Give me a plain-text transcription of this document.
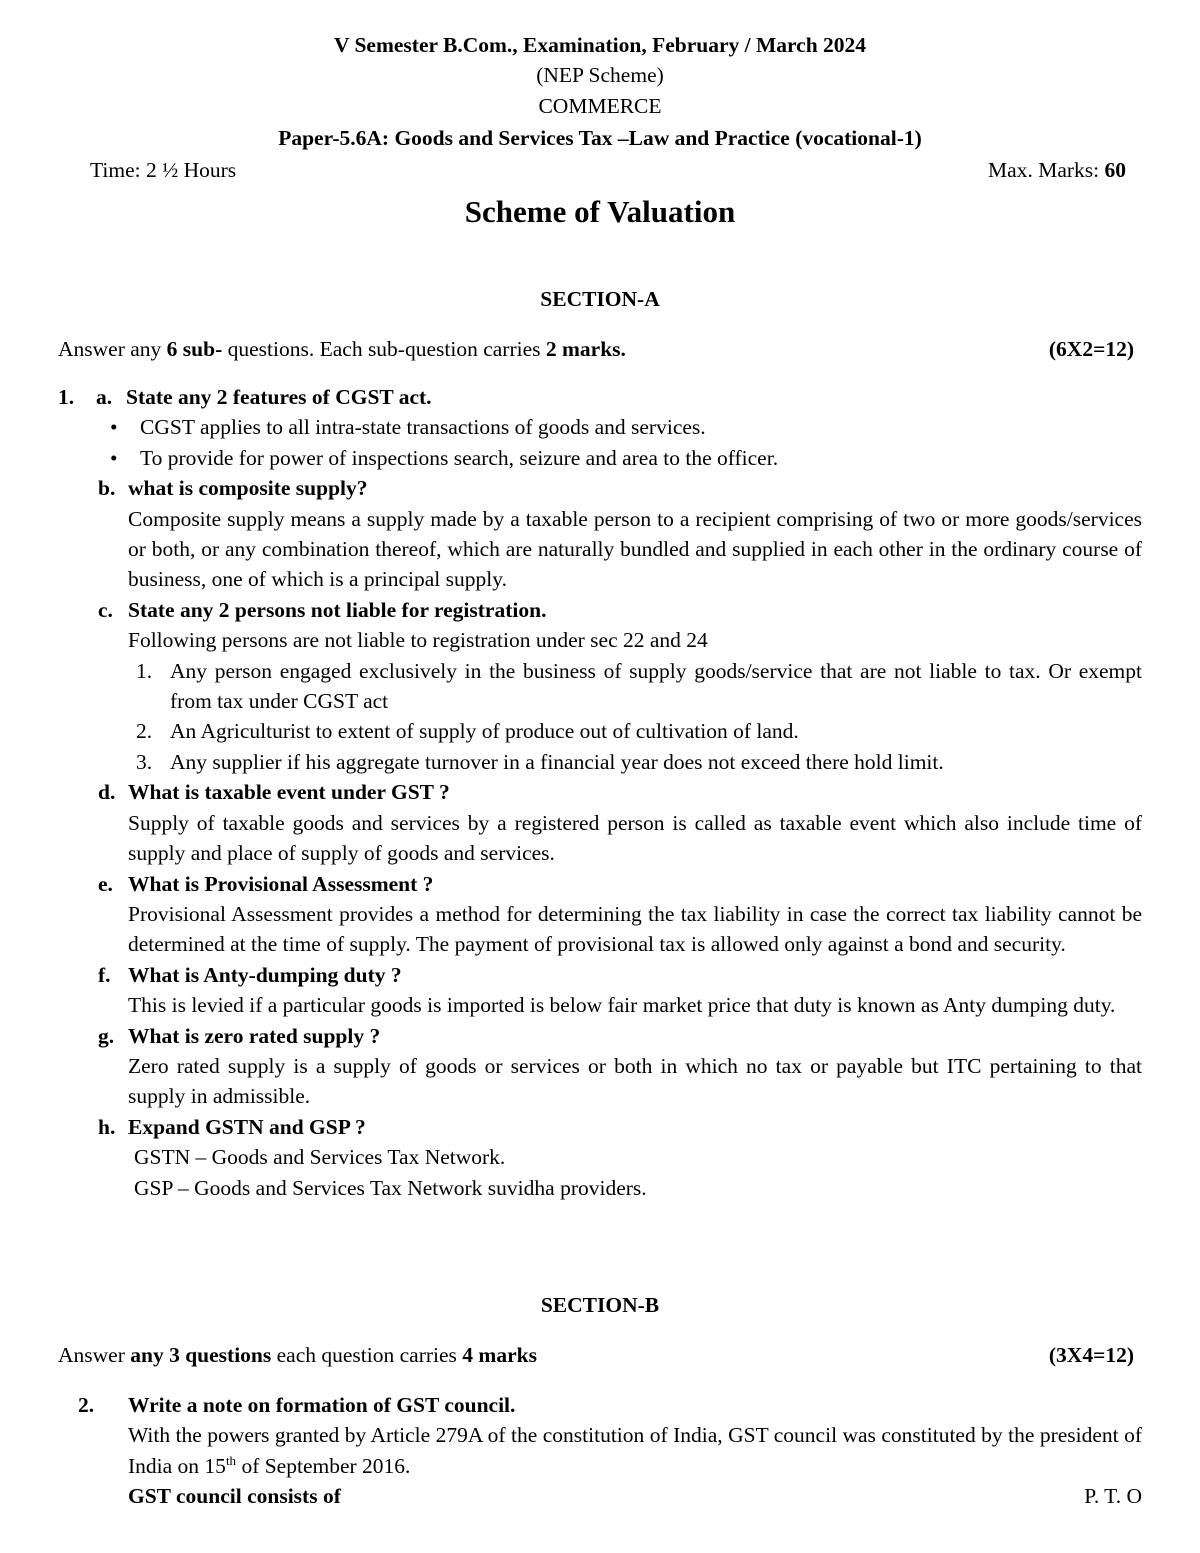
V Semester B.Com., Examination, February / March 2024
(NEP Scheme)
COMMERCE
Paper-5.6A: Goods and Services Tax –Law and Practice (vocational-1)
Time: 2 ½ Hours	Max. Marks: 60
Scheme of Valuation
SECTION-A
Answer any 6 sub- questions. Each sub-question carries 2 marks.	(6X2=12)
1.	a. State any 2 features of CGST act.
• CGST applies to all intra-state transactions of goods and services.
• To provide for power of inspections search, seizure and area to the officer.
b. what is composite supply?
Composite supply means a supply made by a taxable person to a recipient comprising of two or more goods/services or both, or any combination thereof, which are naturally bundled and supplied in each other in the ordinary course of business, one of which is a principal supply.
c. State any 2 persons not liable for registration.
Following persons are not liable to registration under sec 22 and 24
1. Any person engaged exclusively in the business of supply goods/service that are not liable to tax. Or exempt from tax under CGST act
2. An Agriculturist to extent of supply of produce out of cultivation of land.
3. Any supplier if his aggregate turnover in a financial year does not exceed there hold limit.
d. What is taxable event under GST ?
Supply of taxable goods and services by a registered person is called as taxable event which also include time of supply and place of supply of goods and services.
e. What is Provisional Assessment ?
Provisional Assessment provides a method for determining the tax liability in case the correct tax liability cannot be determined at the time of supply. The payment of provisional tax is allowed only against a bond and security.
f. What is Anty-dumping duty ?
This is levied if a particular goods is imported is below fair market price that duty is known as Anty dumping duty.
g. What is zero rated supply ?
Zero rated supply is a supply of goods or services or both in which no tax or payable but ITC pertaining to that supply in admissible.
h. Expand GSTN and GSP ?
GSTN – Goods and Services Tax Network.
GSP – Goods and Services Tax Network suvidha providers.
SECTION-B
Answer any 3 questions each question carries 4 marks	(3X4=12)
2.	Write a note on formation of GST council.
With the powers granted by Article 279A of the constitution of India, GST council was constituted by the president of India on 15th of September 2016.
GST council consists of	P. T. O
